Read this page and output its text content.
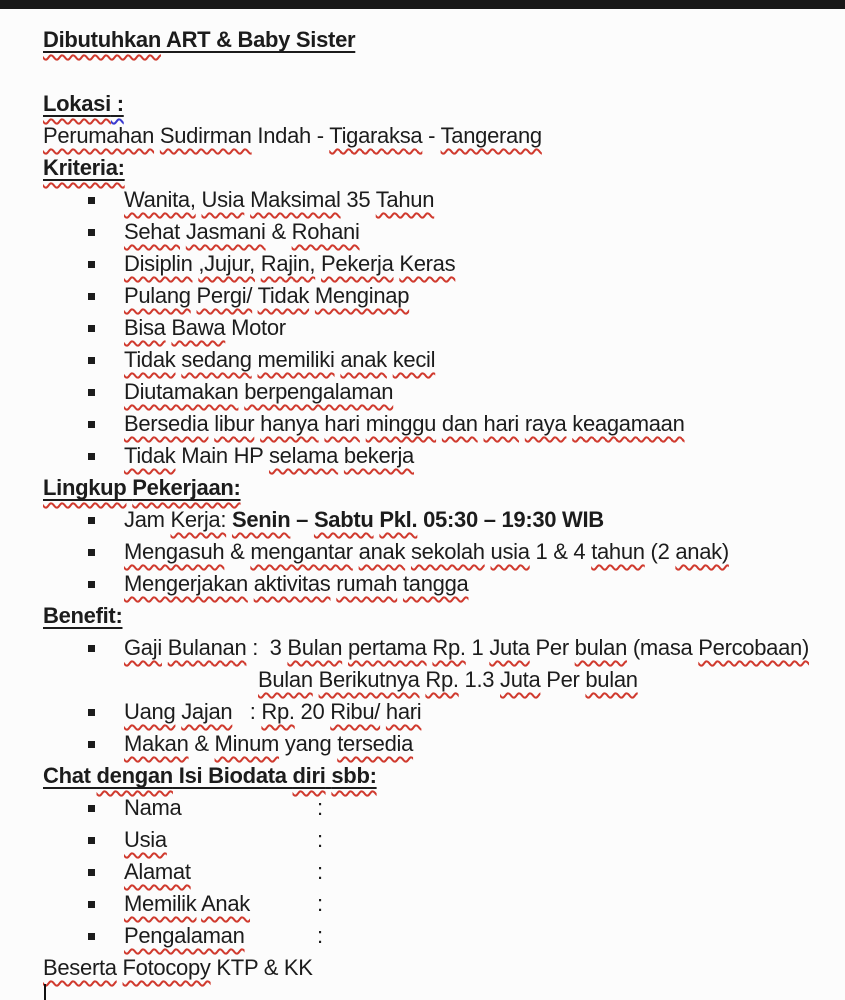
Dibutuhkan ART & Baby Sister
Lokasi :
Perumahan Sudirman Indah - Tigaraksa - Tangerang
Kriteria:
Wanita, Usia Maksimal 35 Tahun
Sehat Jasmani & Rohani
Disiplin ,Jujur, Rajin, Pekerja Keras
Pulang Pergi/ Tidak Menginap
Bisa Bawa Motor
Tidak sedang memiliki anak kecil
Diutamakan berpengalaman
Bersedia libur hanya hari minggu dan hari raya keagamaan
Tidak Main HP selama bekerja
Lingkup Pekerjaan:
Jam Kerja: Senin – Sabtu Pkl. 05:30 – 19:30 WIB
Mengasuh & mengantar anak sekolah usia 1 & 4 tahun (2 anak)
Mengerjakan aktivitas rumah tangga
Benefit:
Gaji Bulanan :  3 Bulan pertama Rp. 1 Juta Per bulan (masa Percobaan)
Bulan Berikutnya Rp. 1.3 Juta Per bulan
Uang Jajan   : Rp. 20 Ribu/ hari
Makan & Minum yang tersedia
Chat dengan Isi Biodata diri sbb:
Nama	:
Usia	:
Alamat	:
Memilik Anak	:
Pengalaman	:
Beserta Fotocopy KTP & KK
